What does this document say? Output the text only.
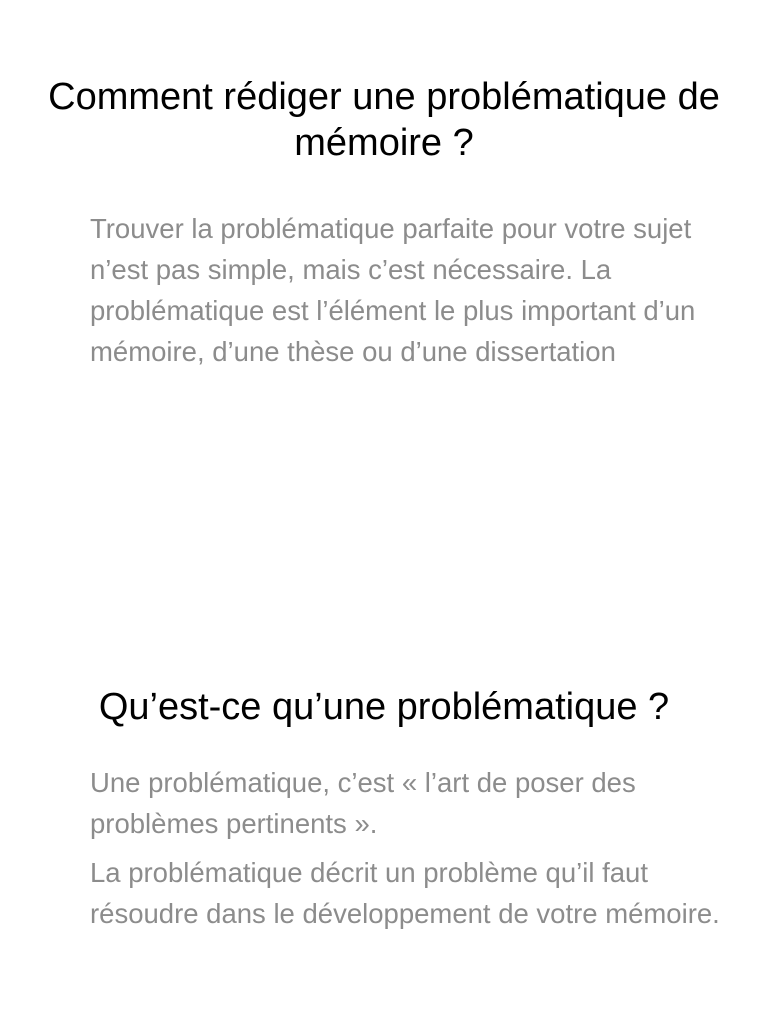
Comment rédiger une problématique de mémoire ?

Trouver la problématique parfaite pour votre sujet n’est pas simple, mais c’est nécessaire. La problématique est l’élément le plus important d’un mémoire, d’une thèse ou d’une dissertation

Qu’est-ce qu’une problématique ?

Une problématique, c’est « l’art de poser des problèmes pertinents ».

La problématique décrit un problème qu’il faut résoudre dans le développement de votre mémoire.
